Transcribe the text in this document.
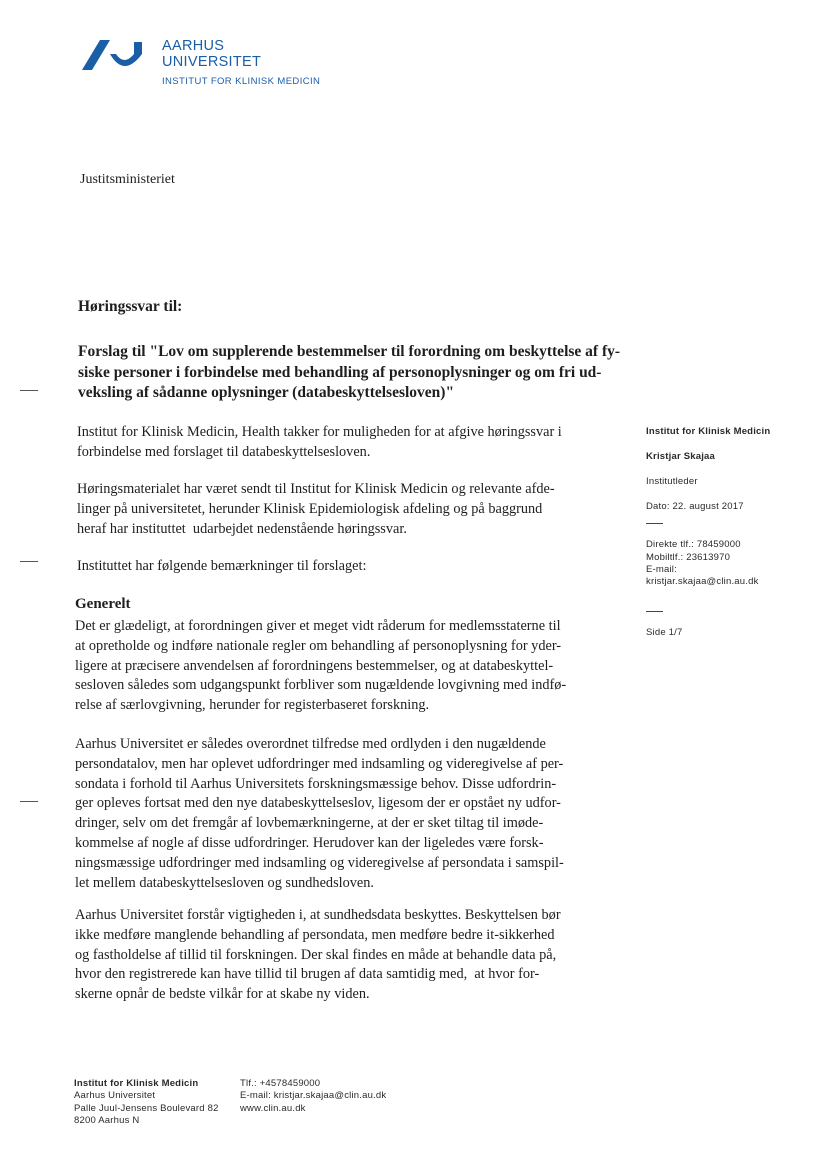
AARHUS
UNIVERSITET
INSTITUT FOR KLINISK MEDICIN
Justitsministeriet
Høringssvar til:
Forslag til "Lov om supplerende bestemmelser til forordning om beskyttelse af fy-
siske personer i forbindelse med behandling af personoplysninger og om fri ud-
veksling af sådanne oplysninger (databeskyttelsesloven)"
Institut for Klinisk Medicin, Health takker for muligheden for at afgive høringssvar i
forbindelse med forslaget til databeskyttelsesloven.
Høringsmaterialet har været sendt til Institut for Klinisk Medicin og relevante afde-
linger på universitetet, herunder Klinisk Epidemiologisk afdeling og på baggrund
heraf har instituttet  udarbejdet nedenstående høringssvar.
Instituttet har følgende bemærkninger til forslaget:
Generelt
Det er glædeligt, at forordningen giver et meget vidt råderum for medlemsstaterne til
at opretholde og indføre nationale regler om behandling af personoplysning for yder-
ligere at præcisere anvendelsen af forordningens bestemmelser, og at databeskyttel-
sesloven således som udgangspunkt forbliver som nugældende lovgivning med indfø-
relse af særlovgivning, herunder for registerbaseret forskning.
Aarhus Universitet er således overordnet tilfredse med ordlyden i den nugældende
persondatalov, men har oplevet udfordringer med indsamling og videregivelse af per-
sondata i forhold til Aarhus Universitets forskningsmæssige behov. Disse udfordrin-
ger opleves fortsat med den nye databeskyttelseslov, ligesom der er opstået ny udfor-
dringer, selv om det fremgår af lovbemærkningerne, at der er sket tiltag til imøde-
kommelse af nogle af disse udfordringer. Herudover kan der ligeledes være forsk-
ningsmæssige udfordringer med indsamling og videregivelse af persondata i samspil-
let mellem databeskyttelsesloven og sundhedsloven.
Aarhus Universitet forstår vigtigheden i, at sundhedsdata beskyttes. Beskyttelsen bør
ikke medføre manglende behandling af persondata, men medføre bedre it-sikkerhed
og fastholdelse af tillid til forskningen. Der skal findes en måde at behandle data på,
hvor den registrerede kan have tillid til brugen af data samtidig med,  at hvor for-
skerne opnår de bedste vilkår for at skabe ny viden.
Institut for Klinisk Medicin
Kristjar Skajaa
Institutleder
Dato: 22. august 2017
Direkte tlf.: 78459000
Mobiltlf.: 23613970
E-mail:
kristjar.skajaa@clin.au.dk
Side 1/7
Institut for Klinisk Medicin
Aarhus Universitet
Palle Juul-Jensens Boulevard 82
8200 Aarhus N
Tlf.: +4578459000
E-mail: kristjar.skajaa@clin.au.dk
www.clin.au.dk
